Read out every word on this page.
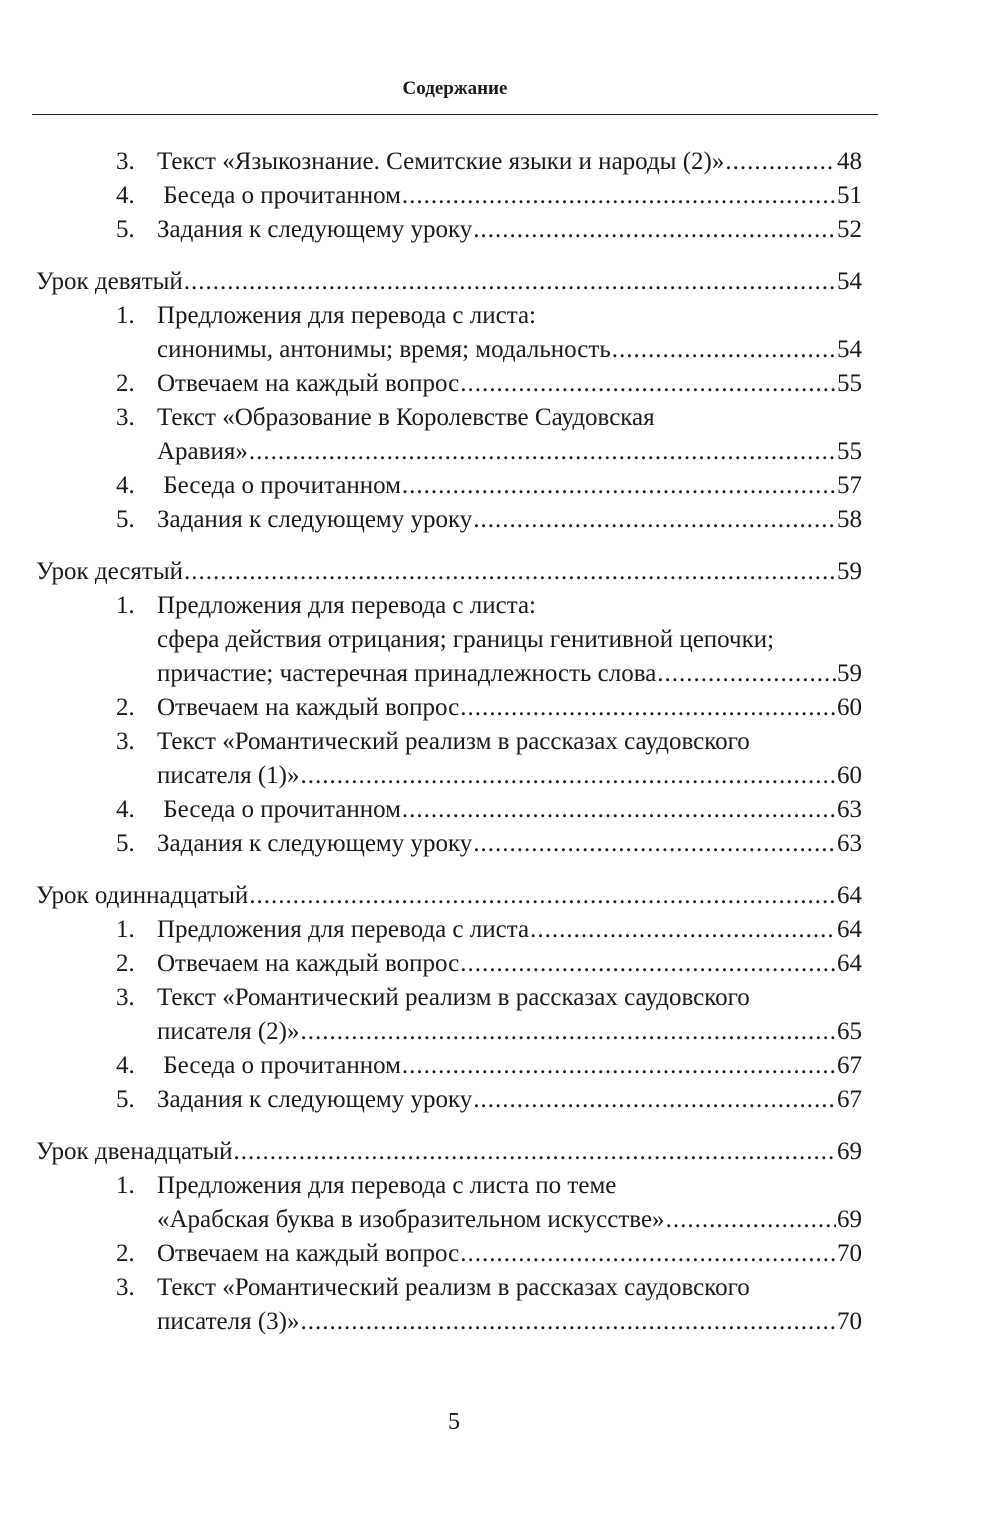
Содержание
3. Текст «Языкознание. Семитские языки и народы (2)» .....	48
4. Беседа о прочитанном .....	51
5. Задания к следующему уроку .....	52
Урок девятый .....	54
1. Предложения для перевода с листа:
синонимы, антонимы; время; модальность .....	54
2. Отвечаем на каждый вопрос .....	55
3. Текст «Образование в Королевстве Саудовская
Аравия» .....	55
4. Беседа о прочитанном .....	57
5. Задания к следующему уроку .....	58
Урок десятый .....	59
1. Предложения для перевода с листа:
сфера действия отрицания; границы генитивной цепочки;
причастие; частеречная принадлежность слова .....	59
2. Отвечаем на каждый вопрос .....	60
3. Текст «Романтический реализм в рассказах саудовского
писателя (1)» .....	60
4. Беседа о прочитанном .....	63
5. Задания к следующему уроку .....	63
Урок одиннадцатый .....	64
1. Предложения для перевода с листа .....	64
2. Отвечаем на каждый вопрос .....	64
3. Текст «Романтический реализм в рассказах саудовского
писателя (2)» .....	65
4. Беседа о прочитанном .....	67
5. Задания к следующему уроку .....	67
Урок двенадцатый .....	69
1. Предложения для перевода с листа по теме
«Арабская буква в изобразительном искусстве» .....	69
2. Отвечаем на каждый вопрос .....	70
3. Текст «Романтический реализм в рассказах саудовского
писателя (3)» .....	70
5
